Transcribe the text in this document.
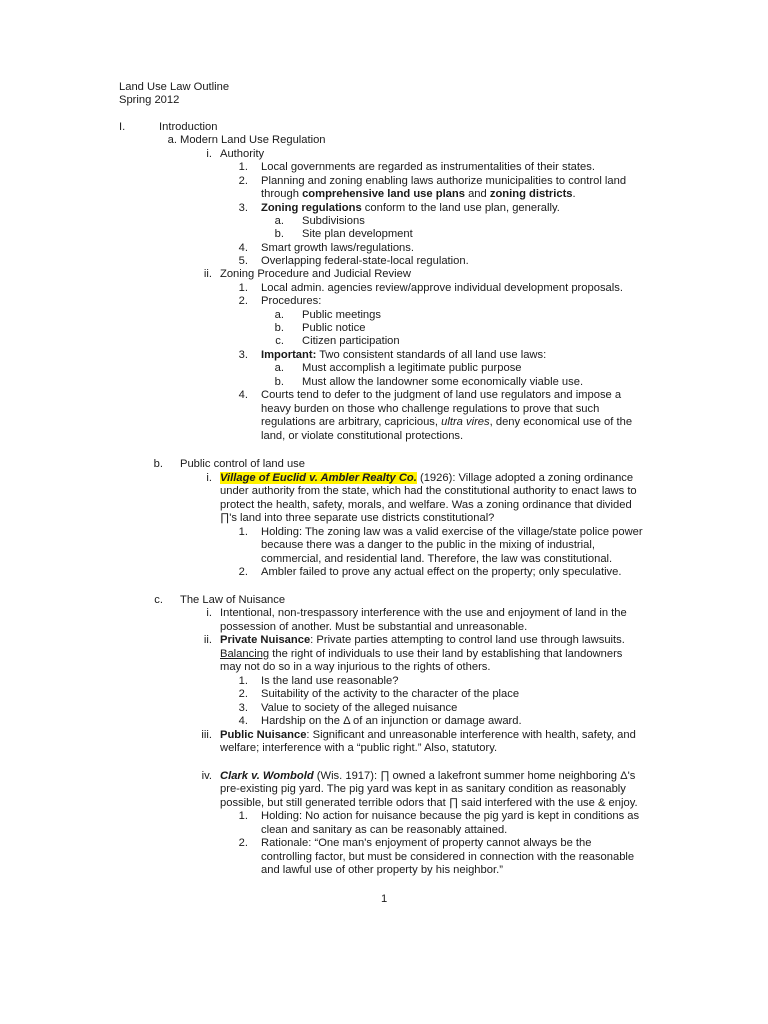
Land Use Law Outline
Spring 2012
I.	Introduction
a. Modern Land Use Regulation
i. Authority
1. Local governments are regarded as instrumentalities of their states.
2. Planning and zoning enabling laws authorize municipalities to control land
through comprehensive land use plans and zoning districts.
3. Zoning regulations conform to the land use plan, generally.
a. Subdivisions
b. Site plan development
4. Smart growth laws/regulations.
5. Overlapping federal-state-local regulation.
ii. Zoning Procedure and Judicial Review
1. Local admin. agencies review/approve individual development proposals.
2. Procedures:
a. Public meetings
b. Public notice
c. Citizen participation
3. Important: Two consistent standards of all land use laws:
a. Must accomplish a legitimate public purpose
b. Must allow the landowner some economically viable use.
4. Courts tend to defer to the judgment of land use regulators and impose a
heavy burden on those who challenge regulations to prove that such
regulations are arbitrary, capricious, ultra vires, deny economical use of the
land, or violate constitutional protections.
b. Public control of land use
i. Village of Euclid v. Ambler Realty Co. (1926): Village adopted a zoning ordinance
under authority from the state, which had the constitutional authority to enact laws to
protect the health, safety, morals, and welfare. Was a zoning ordinance that divided
∏'s land into three separate use districts constitutional?
1. Holding: The zoning law was a valid exercise of the village/state police power
because there was a danger to the public in the mixing of industrial,
commercial, and residential land. Therefore, the law was constitutional.
2. Ambler failed to prove any actual effect on the property; only speculative.
c. The Law of Nuisance
i. Intentional, non-trespassory interference with the use and enjoyment of land in the
possession of another. Must be substantial and unreasonable.
ii. Private Nuisance: Private parties attempting to control land use through lawsuits.
Balancing the right of individuals to use their land by establishing that landowners
may not do so in a way injurious to the rights of others.
1. Is the land use reasonable?
2. Suitability of the activity to the character of the place
3. Value to society of the alleged nuisance
4. Hardship on the Δ of an injunction or damage award.
iii. Public Nuisance: Significant and unreasonable interference with health, safety, and
welfare; interference with a “public right.” Also, statutory.
iv. Clark v. Wombold (Wis. 1917): ∏ owned a lakefront summer home neighboring Δ's
pre-existing pig yard. The pig yard was kept in as sanitary condition as reasonably
possible, but still generated terrible odors that ∏ said interfered with the use & enjoy.
1. Holding: No action for nuisance because the pig yard is kept in conditions as
clean and sanitary as can be reasonably attained.
2. Rationale: “One man's enjoyment of property cannot always be the
controlling factor, but must be considered in connection with the reasonable
and lawful use of other property by his neighbor.”
1
